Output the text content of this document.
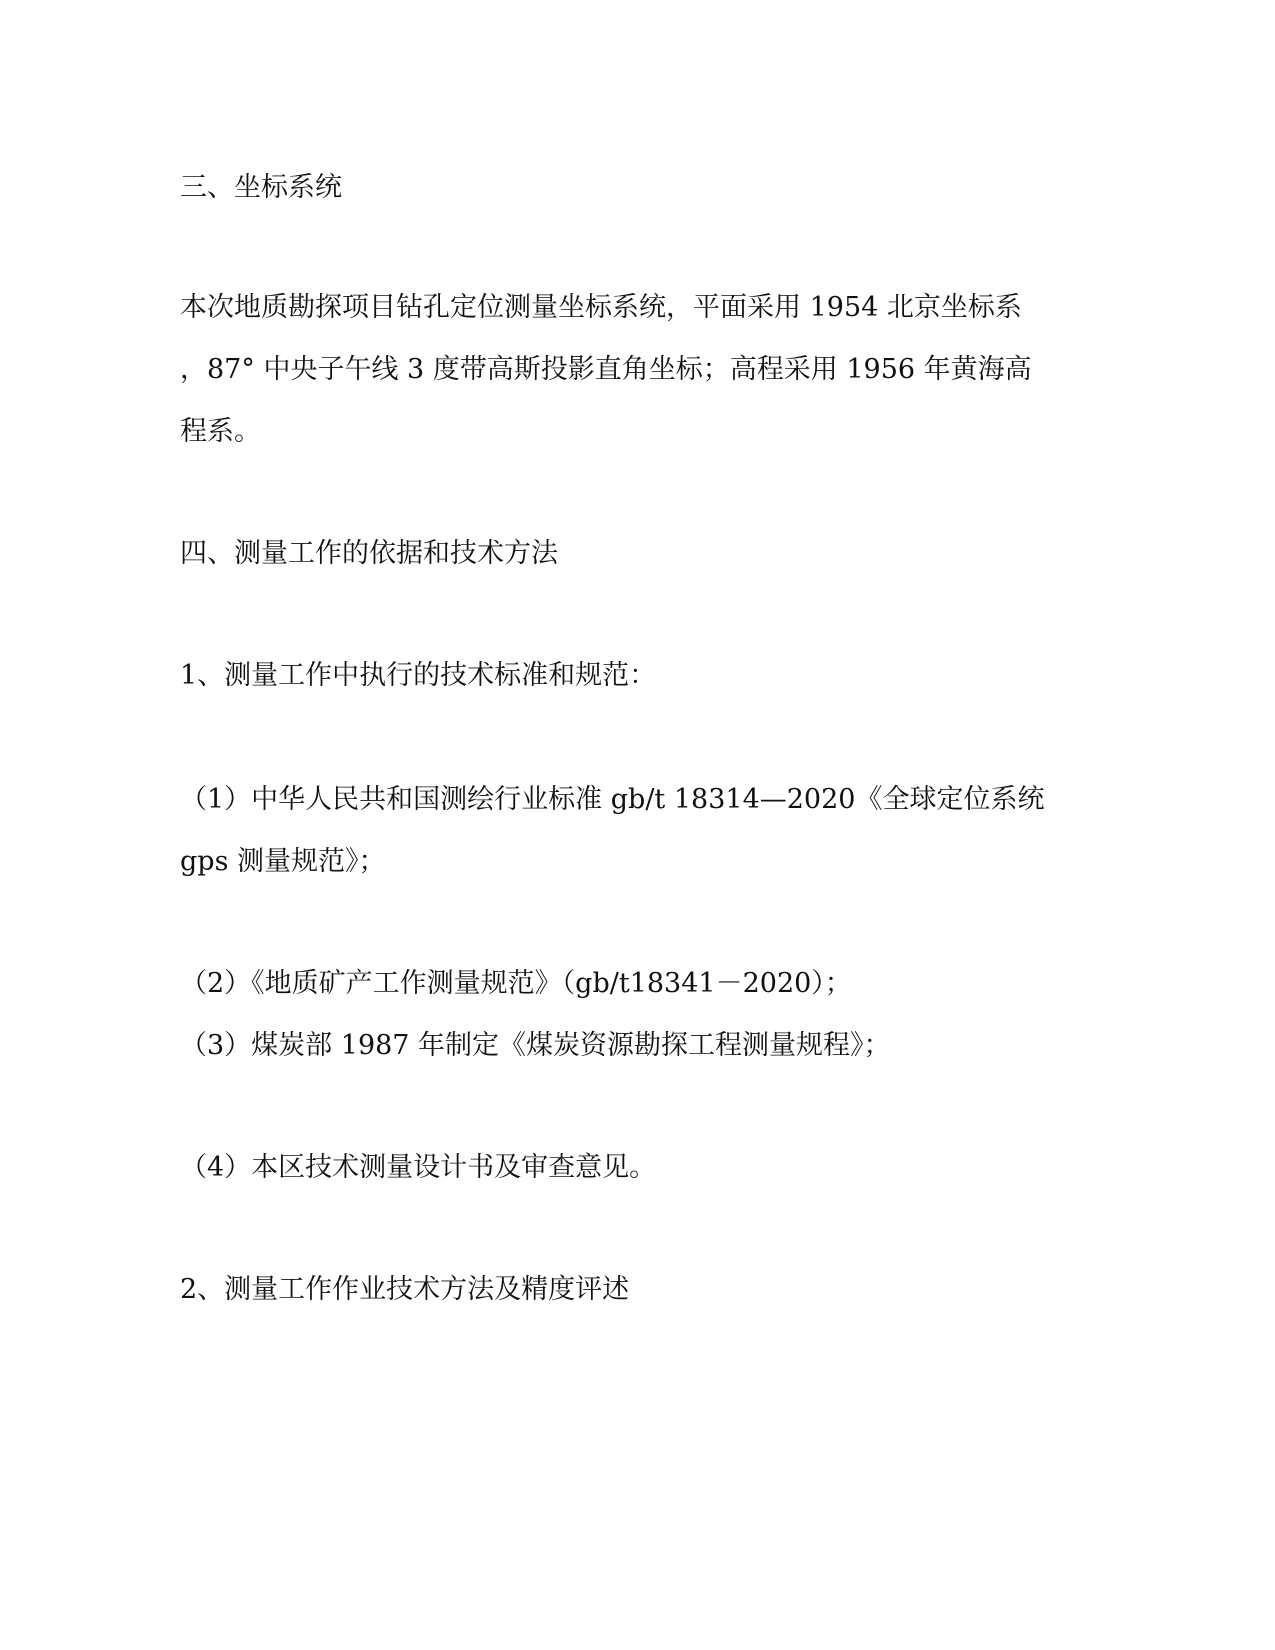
三、坐标系统
本次地质勘探项目钻孔定位测量坐标系统，平面采用 1954 北京坐标系
，87° 中央子午线 3 度带高斯投影直角坐标；高程采用 1956 年黄海高
程系。
四、测量工作的依据和技术方法
1、测量工作中执行的技术标准和规范：
（1）中华人民共和国测绘行业标准 gb/t 18314—2020《全球定位系统
gps 测量规范》；
（2）《地质矿产工作测量规范》（gb/t18341－2020）；
（3）煤炭部 1987 年制定《煤炭资源勘探工程测量规程》；
（4）本区技术测量设计书及审查意见。
2、测量工作作业技术方法及精度评述
